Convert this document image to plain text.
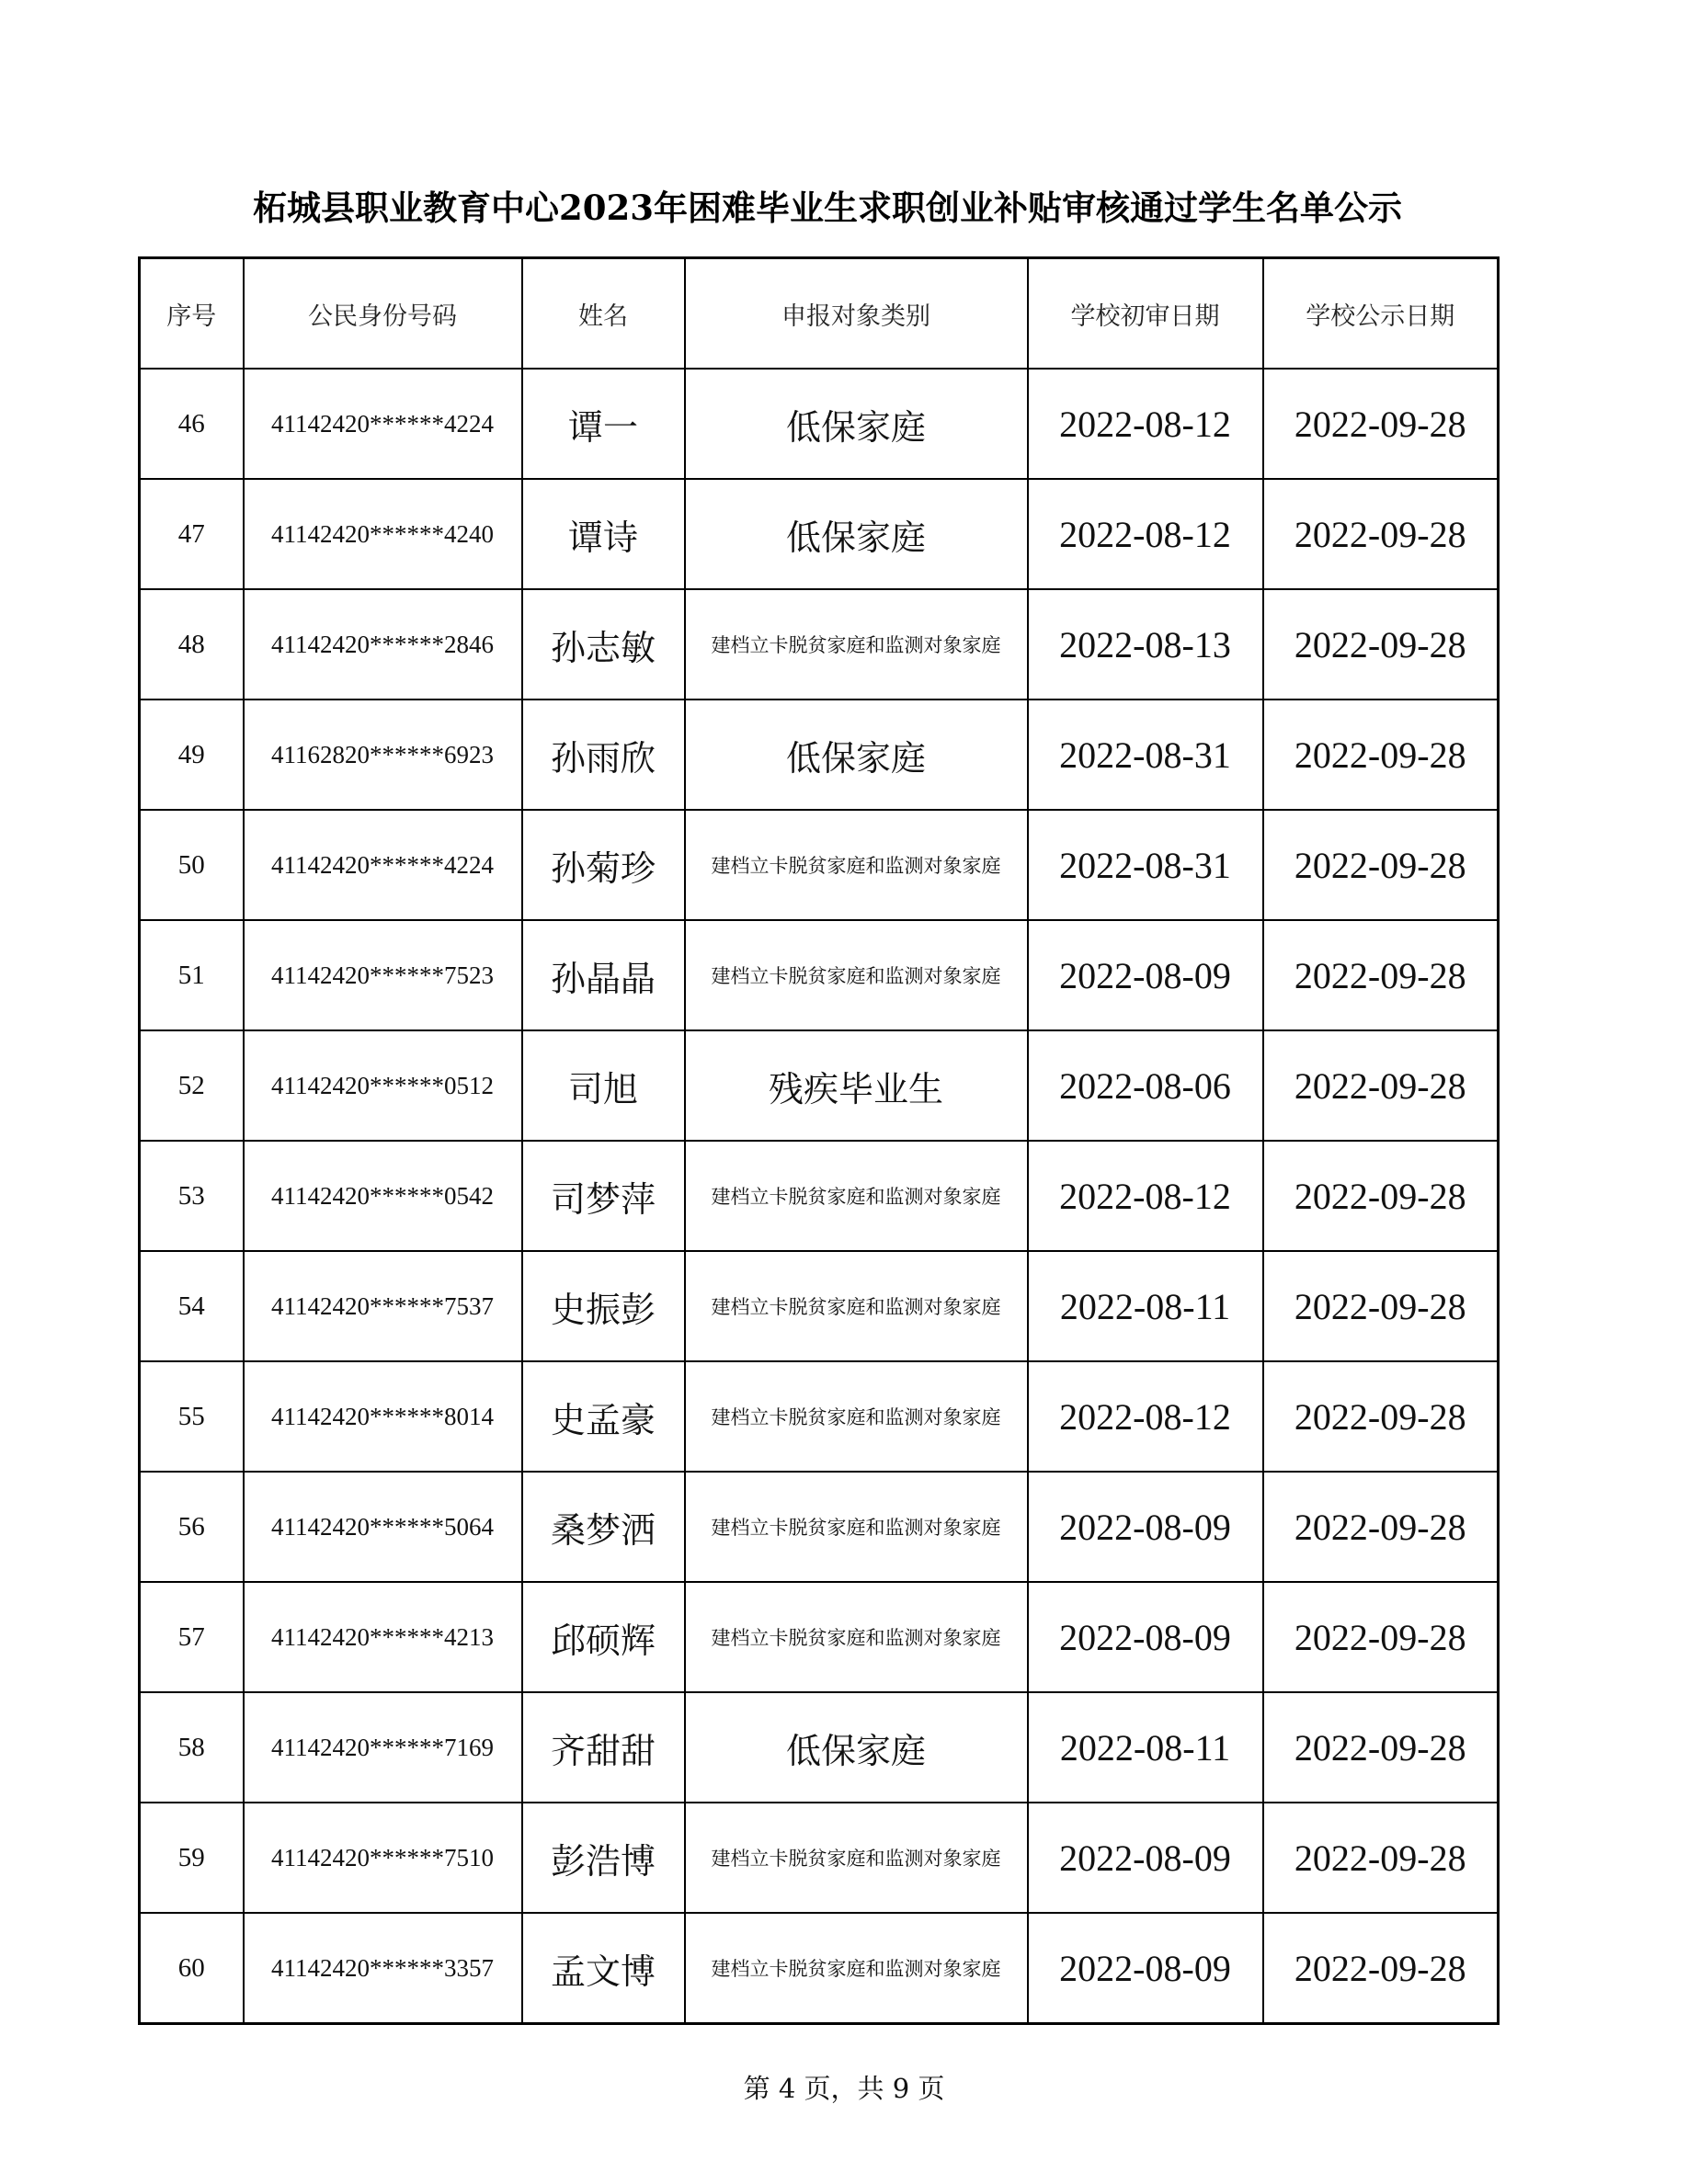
柘城县职业教育中心2023年困难毕业生求职创业补贴审核通过学生名单公示
序号	公民身份号码	姓名	申报对象类别	学校初审日期	学校公示日期
46	41142420******4224	谭一	低保家庭	2022-08-12	2022-09-28
47	41142420******4240	谭诗	低保家庭	2022-08-12	2022-09-28
48	41142420******2846	孙志敏	建档立卡脱贫家庭和监测对象家庭	2022-08-13	2022-09-28
49	41162820******6923	孙雨欣	低保家庭	2022-08-31	2022-09-28
50	41142420******4224	孙菊珍	建档立卡脱贫家庭和监测对象家庭	2022-08-31	2022-09-28
51	41142420******7523	孙晶晶	建档立卡脱贫家庭和监测对象家庭	2022-08-09	2022-09-28
52	41142420******0512	司旭	残疾毕业生	2022-08-06	2022-09-28
53	41142420******0542	司梦萍	建档立卡脱贫家庭和监测对象家庭	2022-08-12	2022-09-28
54	41142420******7537	史振彭	建档立卡脱贫家庭和监测对象家庭	2022-08-11	2022-09-28
55	41142420******8014	史孟豪	建档立卡脱贫家庭和监测对象家庭	2022-08-12	2022-09-28
56	41142420******5064	桑梦洒	建档立卡脱贫家庭和监测对象家庭	2022-08-09	2022-09-28
57	41142420******4213	邱硕辉	建档立卡脱贫家庭和监测对象家庭	2022-08-09	2022-09-28
58	41142420******7169	齐甜甜	低保家庭	2022-08-11	2022-09-28
59	41142420******7510	彭浩博	建档立卡脱贫家庭和监测对象家庭	2022-08-09	2022-09-28
60	41142420******3357	孟文博	建档立卡脱贫家庭和监测对象家庭	2022-08-09	2022-09-28
第 4 页，共 9 页
